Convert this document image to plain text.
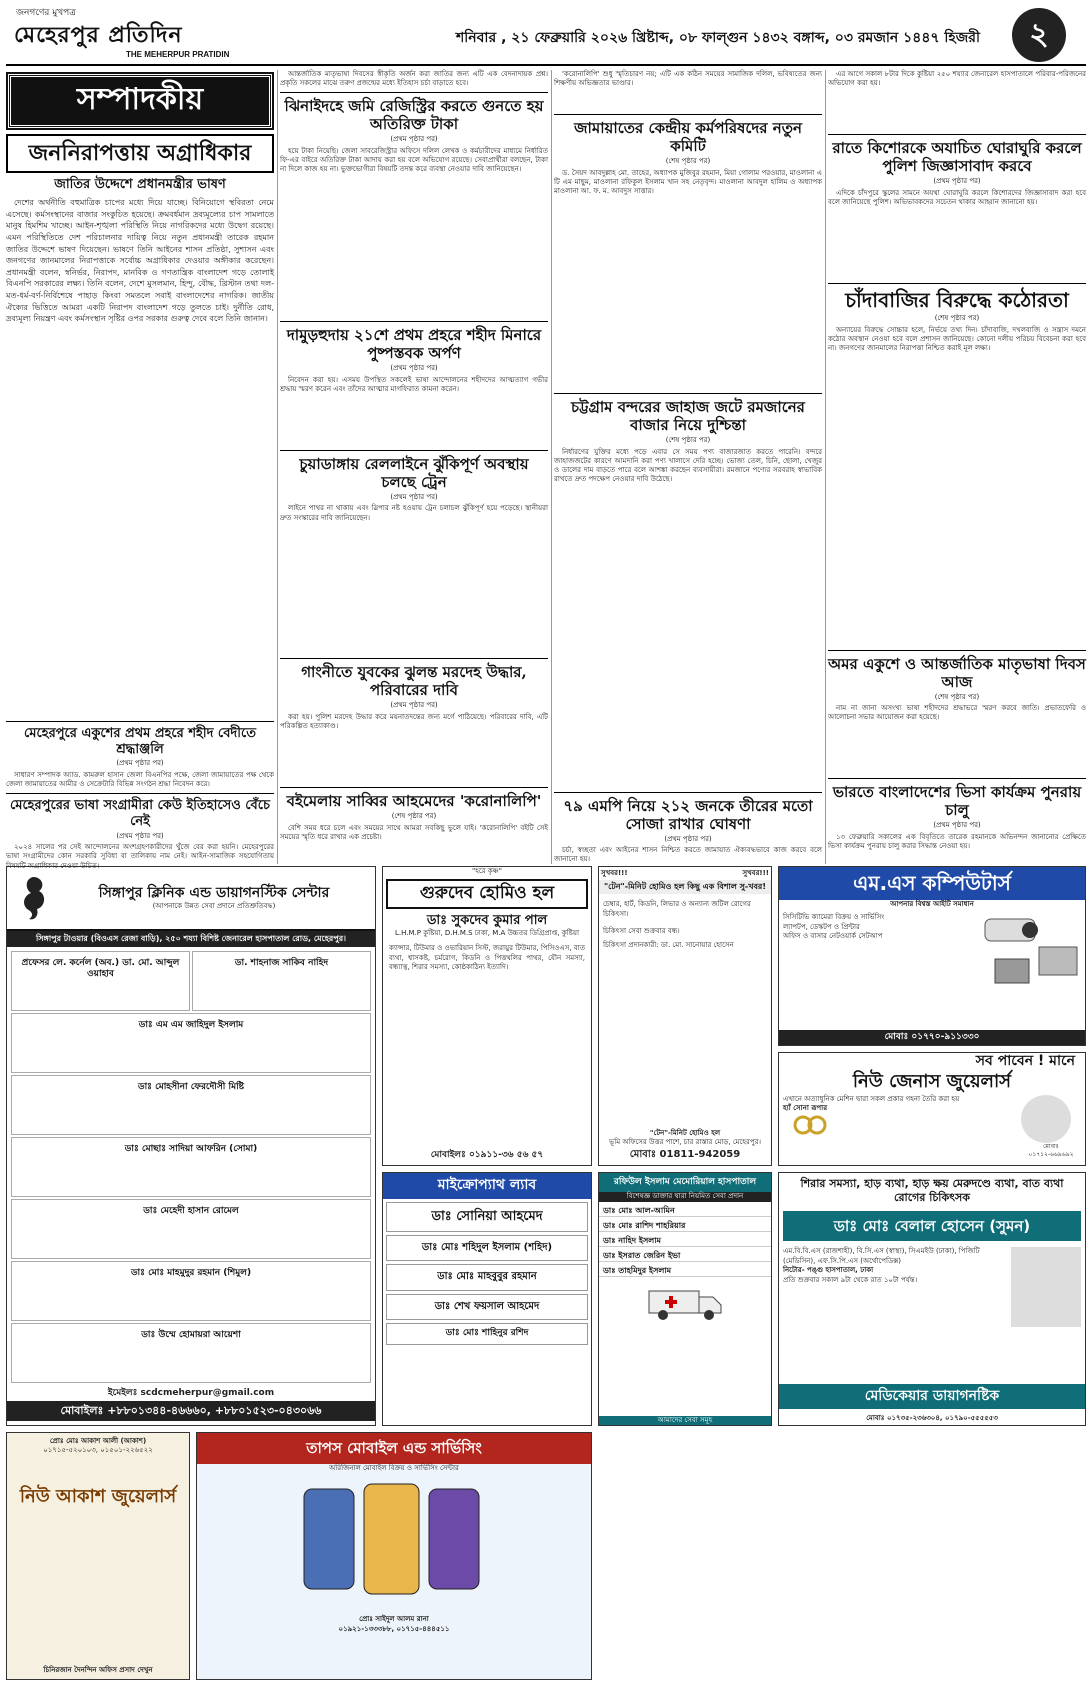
জনগণের মুখপত্র
মেহেরপুর প্রতিদিন
THE MEHERPUR PRATIDIN
শনিবার , ২১ ফেব্রুয়ারি ২০২৬ খ্রিষ্টাব্দ, ০৮ ফাল্গুন ১৪৩২ বঙ্গাব্দ, ০৩ রমজান ১৪৪৭ হিজরী	২
সম্পাদকীয়
জননিরাপত্তায় অগ্রাধিকার
জাতির উদ্দেশে প্রধানমন্ত্রীর ভাষণ

দেশের অর্থনীতি বহুমাত্রিক চাপের মধ্যে দিয়ে যাচ্ছে। বিনিয়োগে স্থবিরতা নেমে এসেছে। কর্মসংস্থানের বাজার সংকুচিত হয়েছে। ক্রমবর্ধমান দ্রব্যমূল্যের চাপ সামলাতে মানুষ হিমশিম খাচ্ছে। আইন-শৃঙ্খলা পরিস্থিতি নিয়ে নাগরিকদের মধ্যে উদ্বেগ রয়েছে। এমন পরিস্থিতিতে দেশ পরিচালনার দায়িত্ব নিয়ে নতুন প্রধানমন্ত্রী তারেক রহমান জাতির উদ্দেশে ভাষণ দিয়েছেন। ভাষণে তিনি আইনের শাসন প্রতিষ্ঠা, সুশাসন এবং জনগণের জানমালের নিরাপত্তাকে সর্বোচ্চ অগ্রাধিকার দেওয়ার অঙ্গীকার করেছেন। প্রধানমন্ত্রী বলেন, স্বনির্ভর, নিরাপদ, মানবিক ও গণতান্ত্রিক বাংলাদেশ গড়ে তোলাই বিএনপি সরকারের লক্ষ্য। তিনি বলেন, দেশে মুসলমান, হিন্দু, বৌদ্ধ, খ্রিস্টান তথা দল-মত-ধর্ম-বর্ণ-নির্বিশেষে পাহাড় কিংবা সমতলে সবাই বাংলাদেশের নাগরিক। জাতীয় ঐক্যের ভিত্তিতে আমরা একটি নিরাপদ বাংলাদেশ গড়ে তুলতে চাই। দুর্নীতি রোধ, দ্রব্যমূল্য নিয়ন্ত্রণ এবং কর্মসংস্থান সৃষ্টির ওপর সরকার গুরুত্ব দেবে বলে তিনি জানান।

মেহেরপুরে একুশের প্রথম প্রহরে শহীদ বেদীতে শ্রদ্ধাঞ্জলি
(প্রথম পৃষ্ঠার পর)

সাধারণ সম্পাদক অ্যাড. কামরুল হাসান জেলা বিএনপির পক্ষে, জেলা জামায়াতের পক্ষ থেকে জেলা জামায়াতের আমীর ও সেক্রেটারি বিভিন্ন সংগঠন শ্রদ্ধা নিবেদন করে।

মেহেরপুরের ভাষা সংগ্রামীরা কেউ ইতিহাসেও বেঁচে নেই
(প্রথম পৃষ্ঠার পর)

২০২৪ সালের পর সেই আন্দোলনের অংশগ্রহণকারীদের খুঁজে বের করা হয়নি। মেহেরপুরের ভাষা সংগ্রামীদের কোন সরকারি সুবিধা বা তালিকায় নাম নেই। আইন-সামাজিক সহযোগিতায় বিষয়টি অগ্রাধিকার দেওয়া উচিত।

আন্তর্জাতিক মাতৃভাষা দিবসের স্বীকৃতি অর্জন করা জাতির জন্য এটি এক বেদনাদায়ক প্রশ্ন। প্রকৃতি সকলের মাঝে তরুণ প্রজন্মের মধ্যে ইতিহাস চর্চা বাড়াতে হবে।

ঝিনাইদহে জমি রেজিস্ট্রির করতে গুনতে হয় অতিরিক্ত টাকা
(প্রথম পৃষ্ঠার পর)

হয়ে টাকা নিয়েছি। জেলা সাবরেজিস্ট্রার অফিসে দলিল লেখক ও কর্মচারীদের মাধ্যমে নির্ধারিত ফি-এর বাইরে অতিরিক্ত টাকা আদায় করা হয় বলে অভিযোগ রয়েছে। সেবাপ্রার্থীরা বলছেন, টাকা না দিলে কাজ হয় না। ভুক্তভোগীরা বিষয়টি তদন্ত করে ব্যবস্থা নেওয়ার দাবি জানিয়েছেন।

দামুড়হুদায় ২১শে প্রথম প্রহরে শহীদ মিনারে পুষ্পস্তবক অর্পণ
(প্রথম পৃষ্ঠার পর)

নিবেদন করা হয়। এসময় উপস্থিত সকলেই ভাষা আন্দোলনের শহীদদের আত্মত্যাগ গভীর শ্রদ্ধায় স্মরণ করেন এবং তাঁদের আত্মার মাগফিরাত কামনা করেন।

চুয়াডাঙ্গায় রেললাইনে ঝুঁকিপূর্ণ অবস্থায় চলছে ট্রেন
(প্রথম পৃষ্ঠার পর)

লাইনে পাথর না থাকায় এবং স্লিপার নষ্ট হওয়ায় ট্রেন চলাচল ঝুঁকিপূর্ণ হয়ে পড়েছে। স্থানীয়রা দ্রুত সংস্কারের দাবি জানিয়েছেন।

গাংনীতে যুবকের ঝুলন্ত মরদেহ উদ্ধার, পরিবারের দাবি
(প্রথম পৃষ্ঠার পর)

করা হয়। পুলিশ মরদেহ উদ্ধার করে ময়নাতদন্তের জন্য মর্গে পাঠিয়েছে। পরিবারের দাবি, এটি পরিকল্পিত হত্যাকাণ্ড।

বইমেলায় সাব্বির আহমেদের 'করোনালিপি'
(শেষ পৃষ্ঠার পর)

বেশি সময় ধরে চলে এবং সময়ের সাথে আমরা সবকিছু ভুলে যাই। 'করোনালিপি' বইটি সেই সময়ের স্মৃতি ধরে রাখার এক প্রচেষ্টা।

'করোনালিপি' শুধু স্মৃতিচারণ নয়; এটি এক কঠিন সময়ের সামাজিক দলিল, ভবিষ্যতের জন্য শিক্ষণীয় অভিজ্ঞতার ভাণ্ডার।

জামায়াতের কেন্দ্রীয় কর্মপরিষদের নতুন কমিটি
(শেষ পৃষ্ঠার পর)

ড. সৈয়দ আবদুল্লাহ মো. তাহের, অধ্যাপক মুজিবুর রহমান, মিয়া গোলাম পরওয়ার, মাওলানা এ টি এম মাছুম, মাওলানা রফিকুল ইসলাম খান সহ নেতৃবৃন্দ। মাওলানা আবদুল হালিম ও অধ্যাপক মাওলানা আ. ফ. ম. আবদুস সাত্তার।

চট্টগ্রাম বন্দরের জাহাজ জটে রমজানের বাজার নিয়ে দুশ্চিন্তা
(শেষ পৃষ্ঠার পর)

নির্ধারণের যুক্তির মধ্যে পড়ে এবার সে সময় পণ্য বাজারজাত করতে পারেনি। বন্দরে জাহাজজটের কারণে আমদানি করা পণ্য খালাসে দেরি হচ্ছে। ভোজ্য তেল, চিনি, ছোলা, খেজুর ও ডালের দাম বাড়তে পারে বলে আশঙ্কা করছেন ব্যবসায়ীরা। রমজানে পণ্যের সরবরাহ স্বাভাবিক রাখতে দ্রুত পদক্ষেপ নেওয়ার দাবি উঠেছে।

৭৯ এমপি নিয়ে ২১২ জনকে তীরের মতো সোজা রাখার ঘোষণা
(প্রথম পৃষ্ঠার পর)

চর্চা, স্বচ্ছতা এবং আইনের শাসন নিশ্চিত করতে জামায়াত ঐক্যবদ্ধভাবে কাজ করবে বলে জানানো হয়।

এর আগে সকাল ৮টার দিকে কুষ্টিয়া ২৫০ শয্যার জেনারেল হাসপাতালে পরিবার-পরিজনের অভিযোগ করা হয়।

রাতে কিশোরকে অযাচিত ঘোরাঘুরি করলে পুলিশ জিজ্ঞাসাবাদ করবে
(প্রথম পৃষ্ঠার পর)

এদিকে চাঁদপুরে স্কুলের সামনে অযথা ঘোরাঘুরি করলে কিশোরদের জিজ্ঞাসাবাদ করা হবে বলে জানিয়েছে পুলিশ। অভিভাবকদের সচেতন থাকার আহ্বান জানানো হয়।

চাঁদাবাজির বিরুদ্ধে কঠোরতা
(শেষ পৃষ্ঠার পর)

অন্যায়ের বিরুদ্ধে সোচ্চার হলে, নির্ভয়ে তথ্য দিন। চাঁদাবাজি, দখলবাজি ও সন্ত্রাস দমনে কঠোর অবস্থান নেওয়া হবে বলে প্রশাসন জানিয়েছে। কোনো দলীয় পরিচয় বিবেচনা করা হবে না। জনগণের জানমালের নিরাপত্তা নিশ্চিত করাই মূল লক্ষ্য।

অমর একুশে ও আন্তর্জাতিক মাতৃভাষা দিবস আজ
(শেষ পৃষ্ঠার পর)

নাম না জানা অসংখ্য ভাষা শহীদদের শ্রদ্ধাভরে স্মরণ করবে জাতি। প্রভাতফেরি ও আলোচনা সভার আয়োজন করা হয়েছে।

ভারতে বাংলাদেশের ভিসা কার্যক্রম পুনরায় চালু
(প্রথম পৃষ্ঠার পর)

১৩ ফেব্রুয়ারি সকালের এক বিবৃতিতে তারেক রহমানকে অভিনন্দন জানানোর প্রেক্ষিতে ভিসা কার্যক্রম পুনরায় চালু করার সিদ্ধান্ত নেওয়া হয়।

সিঙ্গাপুর ক্লিনিক এন্ড ডায়াগনস্টিক সেন্টার
(আপনাকে উন্নত সেবা প্রদানে প্রতিশ্রুতিবদ্ধ)
সিঙ্গাপুর টাওয়ার (বিওএস রেজা বাড়ি), ২৫০ শয্যা বিশিষ্ট জেনারেল হাসপাতাল রোড, মেহেরপুর।
প্রফেসর লে. কর্নেল (অব.) ডা. মো. আব্দুল ওয়াহাব
ডা. শাহনাজ সাকিব নাহিদ
ডাঃ এম এম জাহিদুল ইসলাম
ডাঃ মোহসীনা ফেরদৌসী মিষ্টি
ডাঃ মোছাঃ সাদিয়া আফরিন (সোমা)
ডাঃ মেহেদী হাসান রোমেল
ডাঃ মোঃ মাহমুদুর রহমান (শিমুল)
ডাঃ উম্মে হোমায়রা আয়েশা
ইমেইলঃ scdcmeherpur@gmail.com
মোবাইলঃ +৮৮০১৩৪৪-৪৬৬৬০, +৮৮০১৫২৩-০৪৩০৬৬
"হরে কৃষ্ণ"
গুরুদেব হোমিও হল
ডাঃ সুকদেব কুমার পাল
L.H.M.P কুষ্টিয়া, D.H.M.S ঢাকা, M.A উচ্চতর ডিগ্রিপ্রাপ্ত, কুষ্টিয়া
ক্যান্সার, টিউমার ও ওভারিয়ান সিস্ট, জরায়ুর টিউমার, পিসিওএস, বাত ব্যথা, শ্বাসকষ্ট, চর্মরোগ, কিডনি ও পিত্তথলির পাথর, যৌন সমস্যা, বন্ধ্যাত্ব, শিরার সমস্যা, কোষ্ঠকাঠিন্য ইত্যাদি।
মোবাইলঃ ০১৯১১-৩৬ ৫৬ ৫৭
সুখবর!!!	সুখবর!!!
"টেন"-মিনিট হোমিও হল কিছু এক বিশাল সু-খবর!
চেম্বার, হার্ট, কিডনি, লিভার ও অন্যান্য জটিল রোগের চিকিৎসা।
চিকিৎসা সেবা শুক্রবার বন্ধ।
চিকিৎসা প্রদানকারী: ডা. মো. সানোয়ার হোসেন
"টেন"-মিনিট হোমিও হল
ভূমি অফিসের উত্তর পাশে, চার রাস্তার মোড়, মেহেরপুর।
মোবাঃ 01811-942059
এম.এস কম্পিউটার্স
আপনার বিশ্বস্ত আইটি সমাধান
সিসিটিভি ক্যামেরা বিক্রয় ও সার্ভিসিং
ল্যাপটপ, ডেস্কটপ ও প্রিন্টার
অফিস ও বাসার নেটওয়ার্ক সেটআপ
মোবাঃ ০১৭৭০-৯১১৩৩০
সব পাবেন ! মানে
নিউ জেনাস জুয়েলার্স
এখানে অত্যাধুনিক মেশিন দ্বারা সকল প্রকার গহনা তৈরি করা হয়
হ্যাঁ সোনা রূপার
মোবাঃ ০১৭১২-৬৬৯৬৯২
মাইক্রোপ্যাথ ল্যাব
ডাঃ সোনিয়া আহমেদ
ডাঃ মোঃ শহিদুল ইসলাম (শহিদ)
ডাঃ মোঃ মাহবুবুর রহমান
ডাঃ শেখ ফয়সাল আহমেদ
ডাঃ মোঃ শাহিনুর রশিদ
রফিউল ইসলাম মেমোরিয়াল হাসপাতাল
বিশেষজ্ঞ ডাক্তার দ্বারা নিয়মিত সেবা প্রদান
ডাঃ মোঃ আল-আমিন
ডাঃ মোঃ রাশিদ শাহরিয়ার
ডাঃ নাহিদ ইসলাম
ডাঃ ইসরাত জেরিন ইভা
ডাঃ তাহমিদুর ইসলাম
আমাদের সেবা সমূহ
শিরার সমস্যা, হাড় ব্যথা, হাড় ক্ষয় মেরুদণ্ডে ব্যথা, বাত ব্যথা রোগের চিকিৎসক
ডাঃ মোঃ বেলাল হোসেন (সুমন)
এম.বি.বি.এস (রাজশাহী), বি.সি.এস (স্বাস্থ্য), সিএমইউ (ঢাকা), পিজিটি (মেডিসিন), এফ.সি.পি.এস (অর্থোপেডিক্স)
নিটোর- পঙ্গু হাসপাতাল, ঢাকা
প্রতি শুক্রবার সকাল ৯টা থেকে রাত ১০টা পর্যন্ত।
মেডিকেয়ার ডায়াগনষ্টিক
মোবাঃ ০১৭৩৫-২৩৬৩০৪, ০১৭৯০-৫৫৫৫৫৩
প্রোঃ মোঃ আকাশ আলী (আকাশ)
০১৭১৫-৫২০১০৩, ০১৫০১-২২৬৫২২
নিউ আকাশ জুয়েলার্স
চিনিরজান দৈনন্দিন অফিস প্রসাদ দেখুন
তাপস মোবাইল এন্ড সার্ভিসিং
অরিজিনাল মোবাইল বিক্রয় ও সার্ভিসিং সেন্টার
প্রোঃ সাইদুল আলম রানা
০১৯২১-১৩৩৩৮৮, ০১৭১৫-৪৪৪৫১১
